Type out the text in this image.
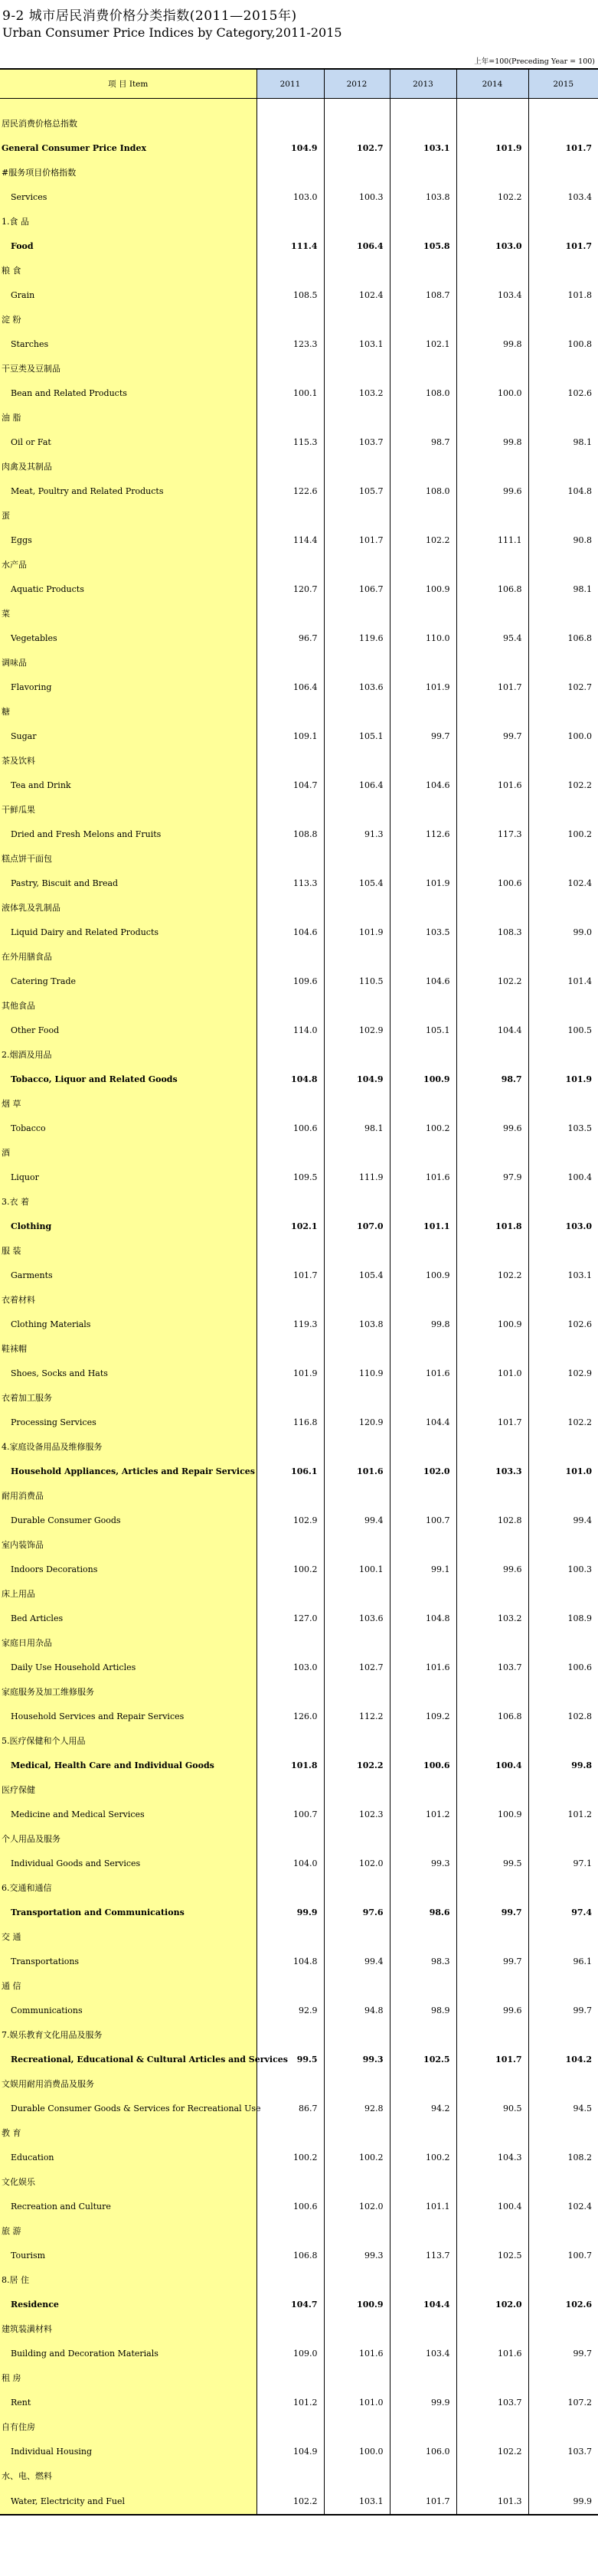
9-2 城市居民消费价格分类指数(2011—2015年)
Urban Consumer Price Indices by Category,2011-2015
上年=100(Preceding Year = 100)
项 目 Item	2011	2012	2013	2014	2015

居民消费价格总指数					
General Consumer Price Index	104.9	102.7	103.1	101.9	101.7
#服务项目价格指数					
Services	103.0	100.3	103.8	102.2	103.4
1.食 品					
Food	111.4	106.4	105.8	103.0	101.7
粮 食					
Grain	108.5	102.4	108.7	103.4	101.8
淀 粉					
Starches	123.3	103.1	102.1	99.8	100.8
干豆类及豆制品					
Bean and Related Products	100.1	103.2	108.0	100.0	102.6
油 脂					
Oil or Fat	115.3	103.7	98.7	99.8	98.1
肉禽及其制品					
Meat, Poultry and Related Products	122.6	105.7	108.0	99.6	104.8
蛋					
Eggs	114.4	101.7	102.2	111.1	90.8
水产品					
Aquatic Products	120.7	106.7	100.9	106.8	98.1
菜					
Vegetables	96.7	119.6	110.0	95.4	106.8
调味品					
Flavoring	106.4	103.6	101.9	101.7	102.7
糖					
Sugar	109.1	105.1	99.7	99.7	100.0
茶及饮料					
Tea and Drink	104.7	106.4	104.6	101.6	102.2
干鲜瓜果					
Dried and Fresh Melons and Fruits	108.8	91.3	112.6	117.3	100.2
糕点饼干面包					
Pastry, Biscuit and Bread	113.3	105.4	101.9	100.6	102.4
液体乳及乳制品					
Liquid Dairy and Related Products	104.6	101.9	103.5	108.3	99.0
在外用膳食品					
Catering Trade	109.6	110.5	104.6	102.2	101.4
其他食品					
Other Food	114.0	102.9	105.1	104.4	100.5
2.烟酒及用品					
Tobacco, Liquor and Related Goods	104.8	104.9	100.9	98.7	101.9
烟 草					
Tobacco	100.6	98.1	100.2	99.6	103.5
酒					
Liquor	109.5	111.9	101.6	97.9	100.4
3.衣 着					
Clothing	102.1	107.0	101.1	101.8	103.0
服 装					
Garments	101.7	105.4	100.9	102.2	103.1
衣着材料					
Clothing Materials	119.3	103.8	99.8	100.9	102.6
鞋袜帽					
Shoes, Socks and Hats	101.9	110.9	101.6	101.0	102.9
衣着加工服务					
Processing Services	116.8	120.9	104.4	101.7	102.2
4.家庭设备用品及维修服务					
Household Appliances, Articles and Repair Services	106.1	101.6	102.0	103.3	101.0
耐用消费品					
Durable Consumer Goods	102.9	99.4	100.7	102.8	99.4
室内装饰品					
Indoors Decorations	100.2	100.1	99.1	99.6	100.3
床上用品					
Bed Articles	127.0	103.6	104.8	103.2	108.9
家庭日用杂品					
Daily Use Household Articles	103.0	102.7	101.6	103.7	100.6
家庭服务及加工维修服务					
Household Services and Repair Services	126.0	112.2	109.2	106.8	102.8
5.医疗保健和个人用品					
Medical, Health Care and Individual Goods	101.8	102.2	100.6	100.4	99.8
医疗保健					
Medicine and Medical Services	100.7	102.3	101.2	100.9	101.2
个人用品及服务					
Individual Goods and Services	104.0	102.0	99.3	99.5	97.1
6.交通和通信					
Transportation and Communications	99.9	97.6	98.6	99.7	97.4
交 通					
Transportations	104.8	99.4	98.3	99.7	96.1
通 信					
Communications	92.9	94.8	98.9	99.6	99.7
7.娱乐教育文化用品及服务					
Recreational, Educational & Cultural Articles and Services	99.5	99.3	102.5	101.7	104.2
文娱用耐用消费品及服务					
Durable Consumer Goods & Services for Recreational Use	86.7	92.8	94.2	90.5	94.5
教 育					
Education	100.2	100.2	100.2	104.3	108.2
文化娱乐					
Recreation and Culture	100.6	102.0	101.1	100.4	102.4
旅 游					
Tourism	106.8	99.3	113.7	102.5	100.7
8.居 住					
Residence	104.7	100.9	104.4	102.0	102.6
建筑装潢材料					
Building and Decoration Materials	109.0	101.6	103.4	101.6	99.7
租 房					
Rent	101.2	101.0	99.9	103.7	107.2
自有住房					
Individual Housing	104.9	100.0	106.0	102.2	103.7
水、电、燃料					
Water, Electricity and Fuel	102.2	103.1	101.7	101.3	99.9
